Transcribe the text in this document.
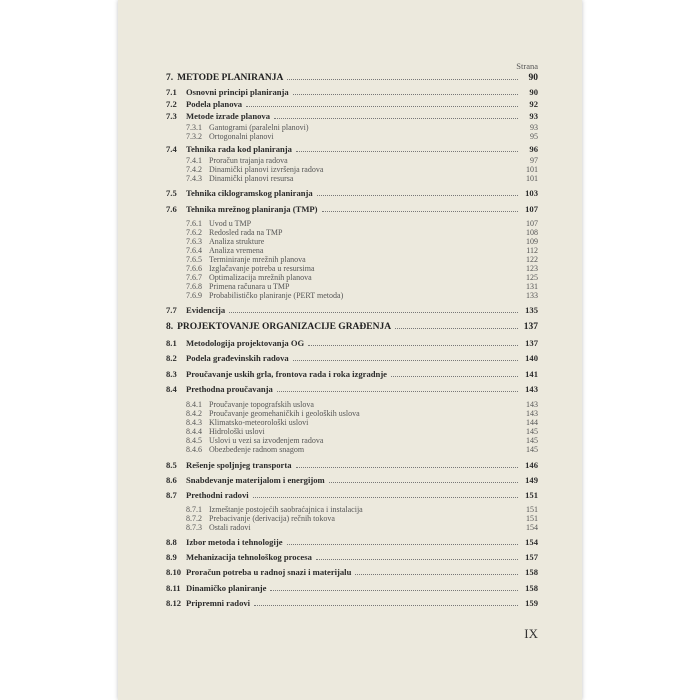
Strana
7. METODE PLANIRANJA	90
7.1	Osnovni principi planiranja	90
7.2	Podela planova	92
7.3	Metode izrade planova	93
7.3.1 Gantogrami (paralelni planovi)	93
7.3.2 Ortogonalni planovi	95
7.4	Tehnika rada kod planiranja	96
7.4.1 Proračun trajanja radova	97
7.4.2 Dinamički planovi izvršenja radova	101
7.4.3 Dinamički planovi resursa	101
7.5	Tehnika ciklogramskog planiranja	103
7.6	Tehnika mrežnog planiranja (TMP)	107
7.6.1 Uvod u TMP	107
7.6.2 Redosled rada na TMP	108
7.6.3 Analiza strukture	109
7.6.4 Analiza vremena	112
7.6.5 Terminiranje mrežnih planova	122
7.6.6 Izglačavanje potreba u resursima	123
7.6.7 Optimalizacija mrežnih planova	125
7.6.8 Primena računara u TMP	131
7.6.9 Probabilističko planiranje (PERT metoda)	133
7.7	Evidencija	135
8. PROJEKTOVANJE ORGANIZACIJE GRAĐENJA	137
8.1	Metodologija projektovanja OG	137
8.2	Podela građevinskih radova	140
8.3	Proučavanje uskih grla, frontova rada i roka izgradnje	141
8.4	Prethodna proučavanja	143
8.4.1 Proučavanje topografskih uslova	143
8.4.2 Proučavanje geomehaničkih i geoloških uslova	143
8.4.3 Klimatsko-meteorološki uslovi	144
8.4.4 Hidrološki uslovi	145
8.4.5 Uslovi u vezi sa izvođenjem radova	145
8.4.6 Obezbeđenje radnom snagom	145
8.5	Rešenje spoljnjeg transporta	146
8.6	Snabdevanje materijalom i energijom	149
8.7	Prethodni radovi	151
8.7.1 Izmeštanje postojećih saobraćajnica i instalacija	151
8.7.2 Prebacivanje (derivacija) rečnih tokova	151
8.7.3 Ostali radovi	154
8.8	Izbor metoda i tehnologije	154
8.9	Mehanizacija tehnološkog procesa	157
8.10 Proračun potreba u radnoj snazi i materijalu	158
8.11 Dinamičko planiranje	158
8.12 Pripremni radovi	159
IX
